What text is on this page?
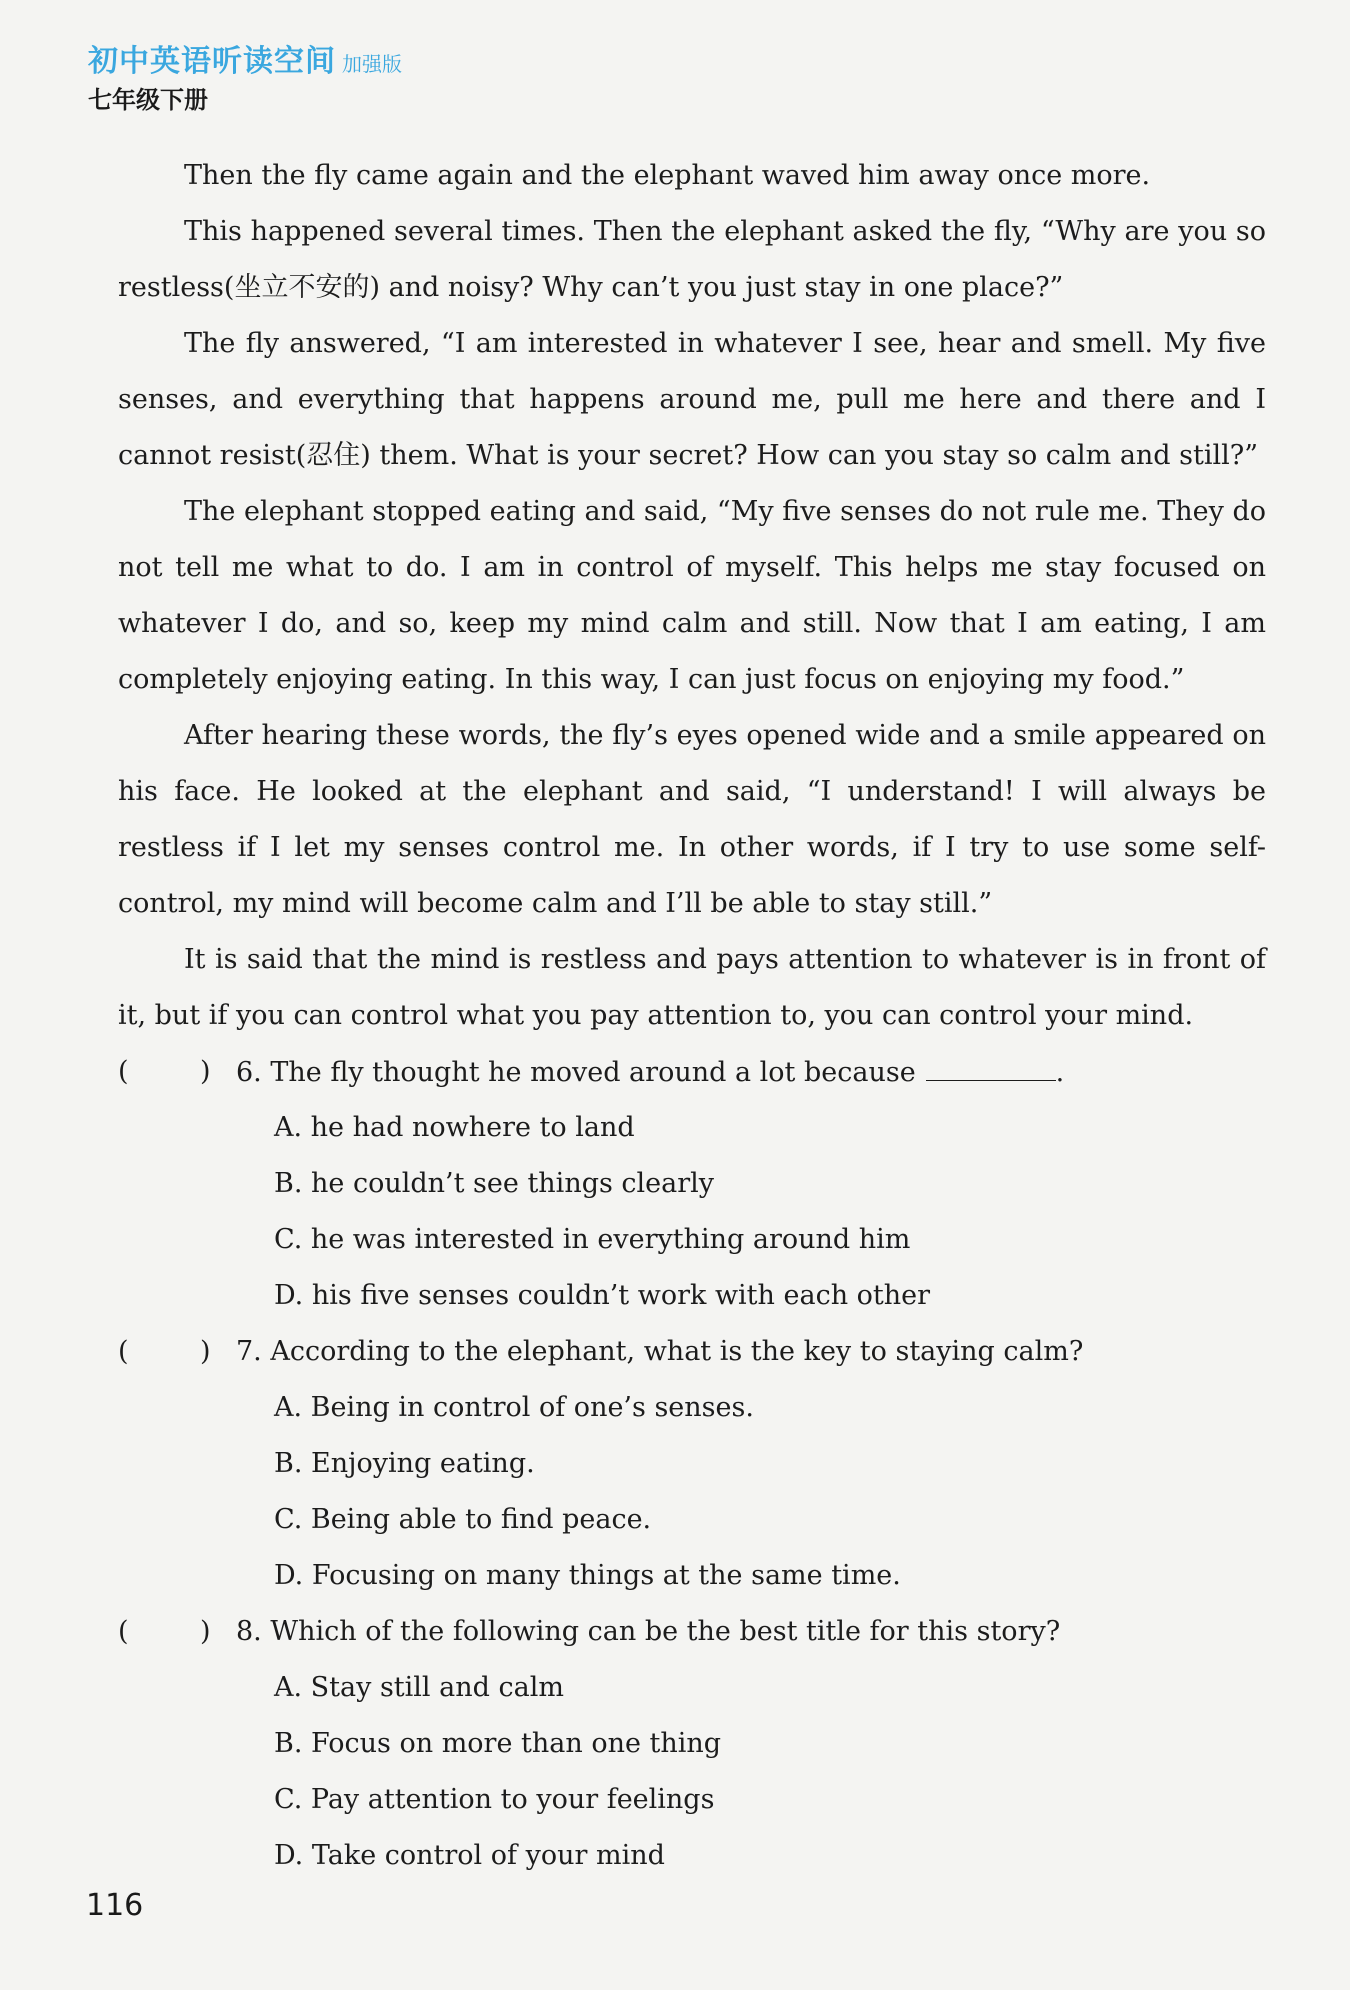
初中英语听读空间 加强版
七年级下册

Then the fly came again and the elephant waved him away once more.

This happened several times. Then the elephant asked the fly, “Why are you so restless(坐立不安的) and noisy? Why can’t you just stay in one place?”

The fly answered, “I am interested in whatever I see, hear and smell. My five senses, and everything that happens around me, pull me here and there and I cannot resist(忍住) them. What is your secret? How can you stay so calm and still?”

The elephant stopped eating and said, “My five senses do not rule me. They do not tell me what to do. I am in control of myself. This helps me stay focused on whatever I do, and so, keep my mind calm and still. Now that I am eating, I am completely enjoying eating. In this way, I can just focus on enjoying my food.”

After hearing these words, the fly’s eyes opened wide and a smile appeared on his face. He looked at the elephant and said, “I understand! I will always be restless if I let my senses control me. In other words, if I try to use some self-control, my mind will become calm and I’ll be able to stay still.”

It is said that the mind is restless and pays attention to whatever is in front of it, but if you can control what you pay attention to, you can control your mind.

(	) 6. The fly thought he moved around a lot because	.

A. he had nowhere to land

B. he couldn’t see things clearly

C. he was interested in everything around him

D. his five senses couldn’t work with each other

(	) 7. According to the elephant, what is the key to staying calm?

A. Being in control of one’s senses.

B. Enjoying eating.

C. Being able to find peace.

D. Focusing on many things at the same time.

(	) 8. Which of the following can be the best title for this story?

A. Stay still and calm

B. Focus on more than one thing

C. Pay attention to your feelings

D. Take control of your mind

116
